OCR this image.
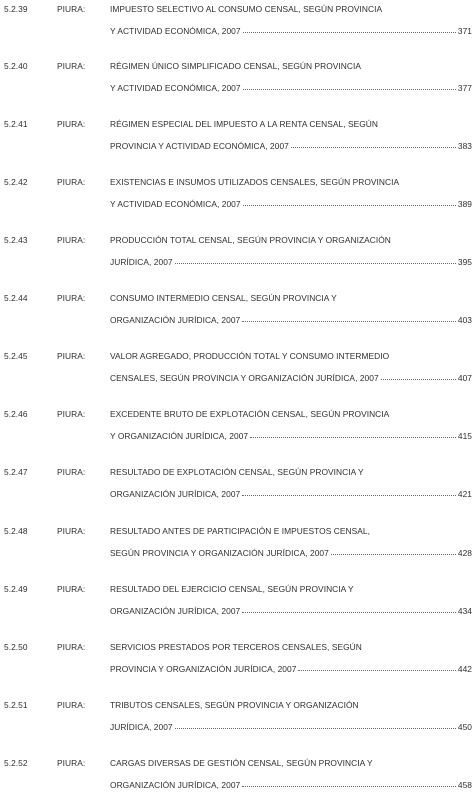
5.2.39	PIURA:	IMPUESTO SELECTIVO AL CONSUMO CENSAL, SEGÚN PROVINCIA
Y ACTIVIDAD ECONÓMICA, 2007	371
5.2.40	PIURA:	RÉGIMEN ÚNICO SIMPLIFICADO CENSAL, SEGÚN PROVINCIA
Y ACTIVIDAD ECONÓMICA, 2007	377
5.2.41	PIURA:	RÉGIMEN ESPECIAL DEL IMPUESTO A LA RENTA CENSAL, SEGÚN
PROVINCIA Y ACTIVIDAD ECONÓMICA, 2007	383
5.2.42	PIURA:	EXISTENCIAS E INSUMOS UTILIZADOS CENSALES, SEGÚN PROVINCIA
Y ACTIVIDAD ECONÓMICA, 2007	389
5.2.43	PIURA:	PRODUCCIÓN TOTAL CENSAL, SEGÚN PROVINCIA Y ORGANIZACIÓN
JURÍDICA, 2007	395
5.2.44	PIURA:	CONSUMO INTERMEDIO CENSAL, SEGÚN PROVINCIA Y
ORGANIZACIÓN JURÍDICA, 2007	403
5.2.45	PIURA:	VALOR AGREGADO, PRODUCCIÓN TOTAL Y CONSUMO INTERMEDIO
CENSALES, SEGÚN PROVINCIA Y ORGANIZACIÓN JURÍDICA, 2007	407
5.2.46	PIURA:	EXCEDENTE BRUTO DE EXPLOTACIÓN CENSAL, SEGÚN PROVINCIA
Y ORGANIZACIÓN JURÍDICA, 2007	415
5.2.47	PIURA:	RESULTADO DE EXPLOTACIÓN CENSAL, SEGÚN PROVINCIA Y
ORGANIZACIÓN JURÍDICA, 2007	421
5.2.48	PIURA:	RESULTADO ANTES DE PARTICIPACIÓN E IMPUESTOS CENSAL,
SEGÚN PROVINCIA Y ORGANIZACIÓN JURÍDICA, 2007	428
5.2.49	PIURA:	RESULTADO DEL EJERCICIO CENSAL, SEGÚN PROVINCIA Y
ORGANIZACIÓN JURÍDICA, 2007	434
5.2.50	PIURA:	SERVICIOS PRESTADOS POR TERCEROS CENSALES, SEGÚN
PROVINCIA Y ORGANIZACIÓN JURÍDICA, 2007	442
5.2.51	PIURA:	TRIBUTOS CENSALES, SEGÚN PROVINCIA Y ORGANIZACIÓN
JURÍDICA, 2007	450
5.2.52	PIURA:	CARGAS DIVERSAS DE GESTIÓN CENSAL, SEGÚN PROVINCIA Y
ORGANIZACIÓN JURÍDICA, 2007	458
